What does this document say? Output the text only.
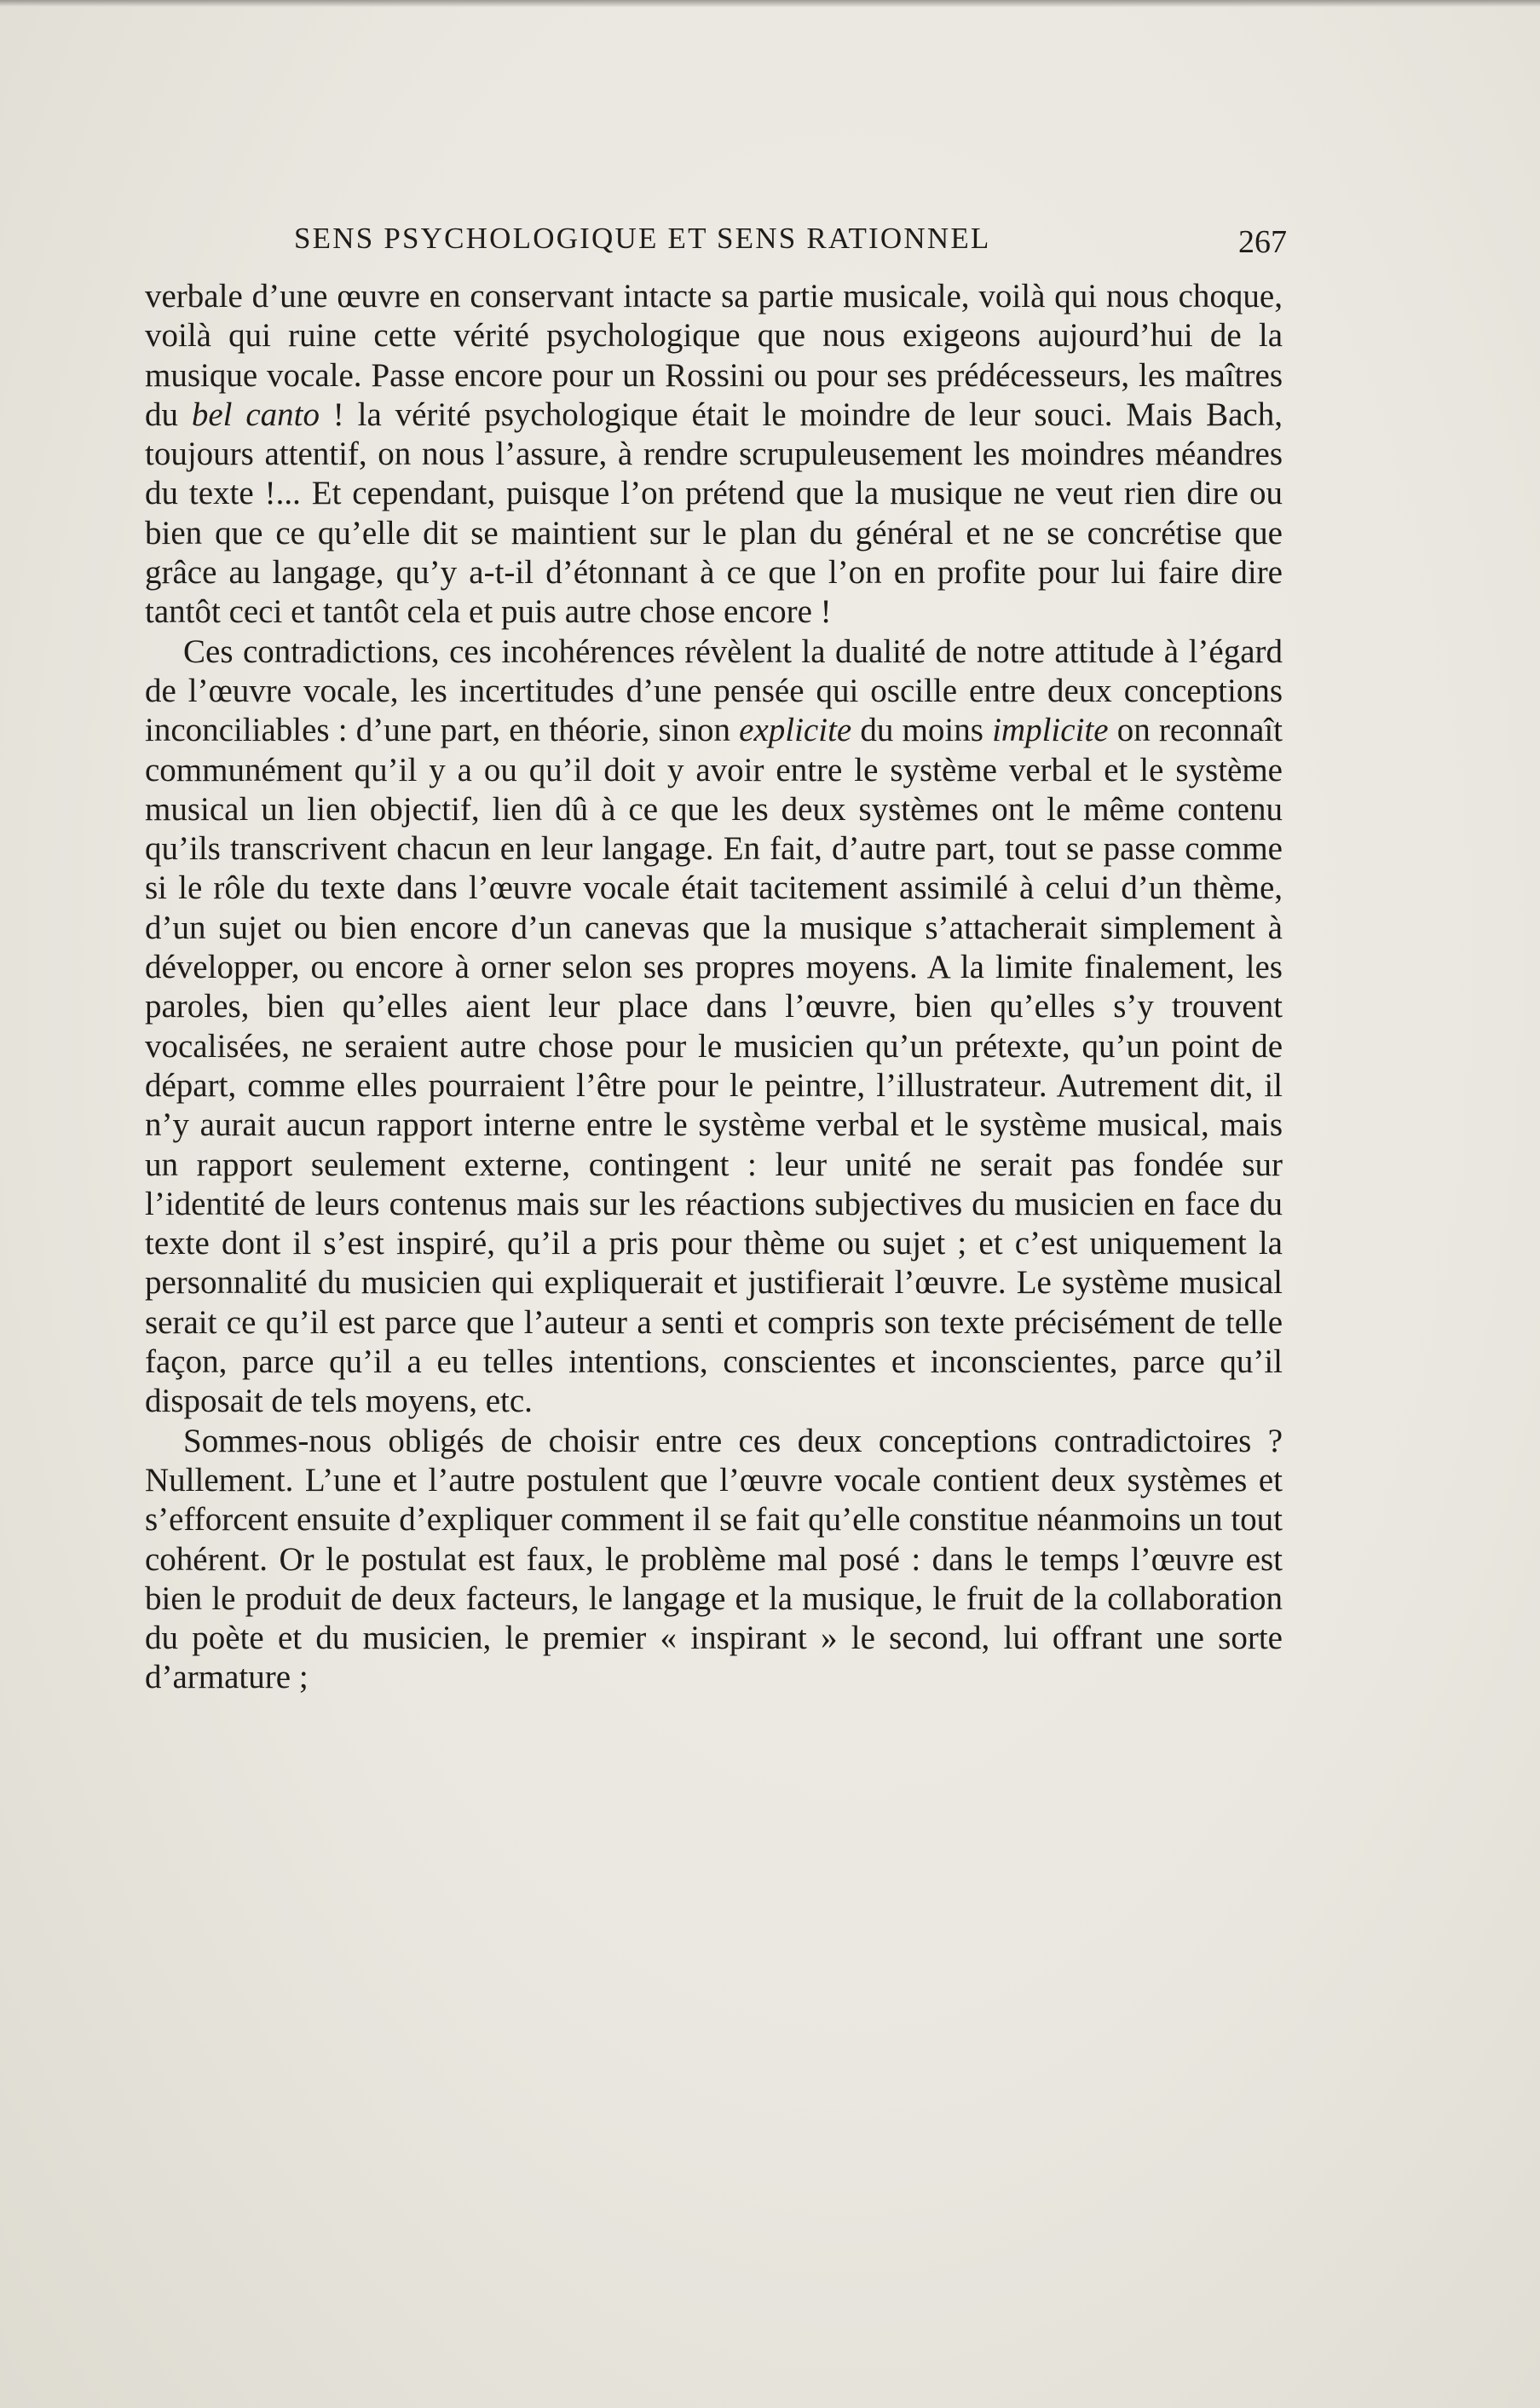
SENS PSYCHOLOGIQUE ET SENS RATIONNEL	267

verbale d’une œuvre en conservant intacte sa partie musicale, voilà qui nous choque, voilà qui ruine cette vérité psychologique que nous exigeons aujourd’hui de la musique vocale. Passe encore pour un Rossini ou pour ses prédécesseurs, les maîtres du bel canto ! la vérité psychologique était le moindre de leur souci. Mais Bach, toujours attentif, on nous l’assure, à rendre scrupuleusement les moindres méandres du texte !... Et cependant, puisque l’on prétend que la musique ne veut rien dire ou bien que ce qu’elle dit se maintient sur le plan du général et ne se concrétise que grâce au langage, qu’y a-t-il d’étonnant à ce que l’on en profite pour lui faire dire tantôt ceci et tantôt cela et puis autre chose encore !

Ces contradictions, ces incohérences révèlent la dualité de notre attitude à l’égard de l’œuvre vocale, les incertitudes d’une pensée qui oscille entre deux conceptions inconciliables : d’une part, en théorie, sinon explicite du moins implicite on reconnaît communément qu’il y a ou qu’il doit y avoir entre le système verbal et le système musical un lien objectif, lien dû à ce que les deux systèmes ont le même contenu qu’ils transcrivent chacun en leur langage. En fait, d’autre part, tout se passe comme si le rôle du texte dans l’œuvre vocale était tacitement assimilé à celui d’un thème, d’un sujet ou bien encore d’un canevas que la musique s’attacherait simplement à développer, ou encore à orner selon ses propres moyens. A la limite finalement, les paroles, bien qu’elles aient leur place dans l’œuvre, bien qu’elles s’y trouvent vocalisées, ne seraient autre chose pour le musicien qu’un prétexte, qu’un point de départ, comme elles pourraient l’être pour le peintre, l’illustrateur. Autrement dit, il n’y aurait aucun rapport interne entre le système verbal et le système musical, mais un rapport seulement externe, contingent : leur unité ne serait pas fondée sur l’identité de leurs contenus mais sur les réactions subjectives du musicien en face du texte dont il s’est inspiré, qu’il a pris pour thème ou sujet ; et c’est uniquement la personnalité du musicien qui expliquerait et justifierait l’œuvre. Le système musical serait ce qu’il est parce que l’auteur a senti et compris son texte précisément de telle façon, parce qu’il a eu telles intentions, conscientes et inconscientes, parce qu’il disposait de tels moyens, etc.

Sommes-nous obligés de choisir entre ces deux conceptions contradictoires ? Nullement. L’une et l’autre postulent que l’œuvre vocale contient deux systèmes et s’efforcent ensuite d’expliquer comment il se fait qu’elle constitue néanmoins un tout cohérent. Or le postulat est faux, le problème mal posé : dans le temps l’œuvre est bien le produit de deux facteurs, le langage et la musique, le fruit de la collaboration du poète et du musicien, le premier « inspirant » le second, lui offrant une sorte d’armature ;
